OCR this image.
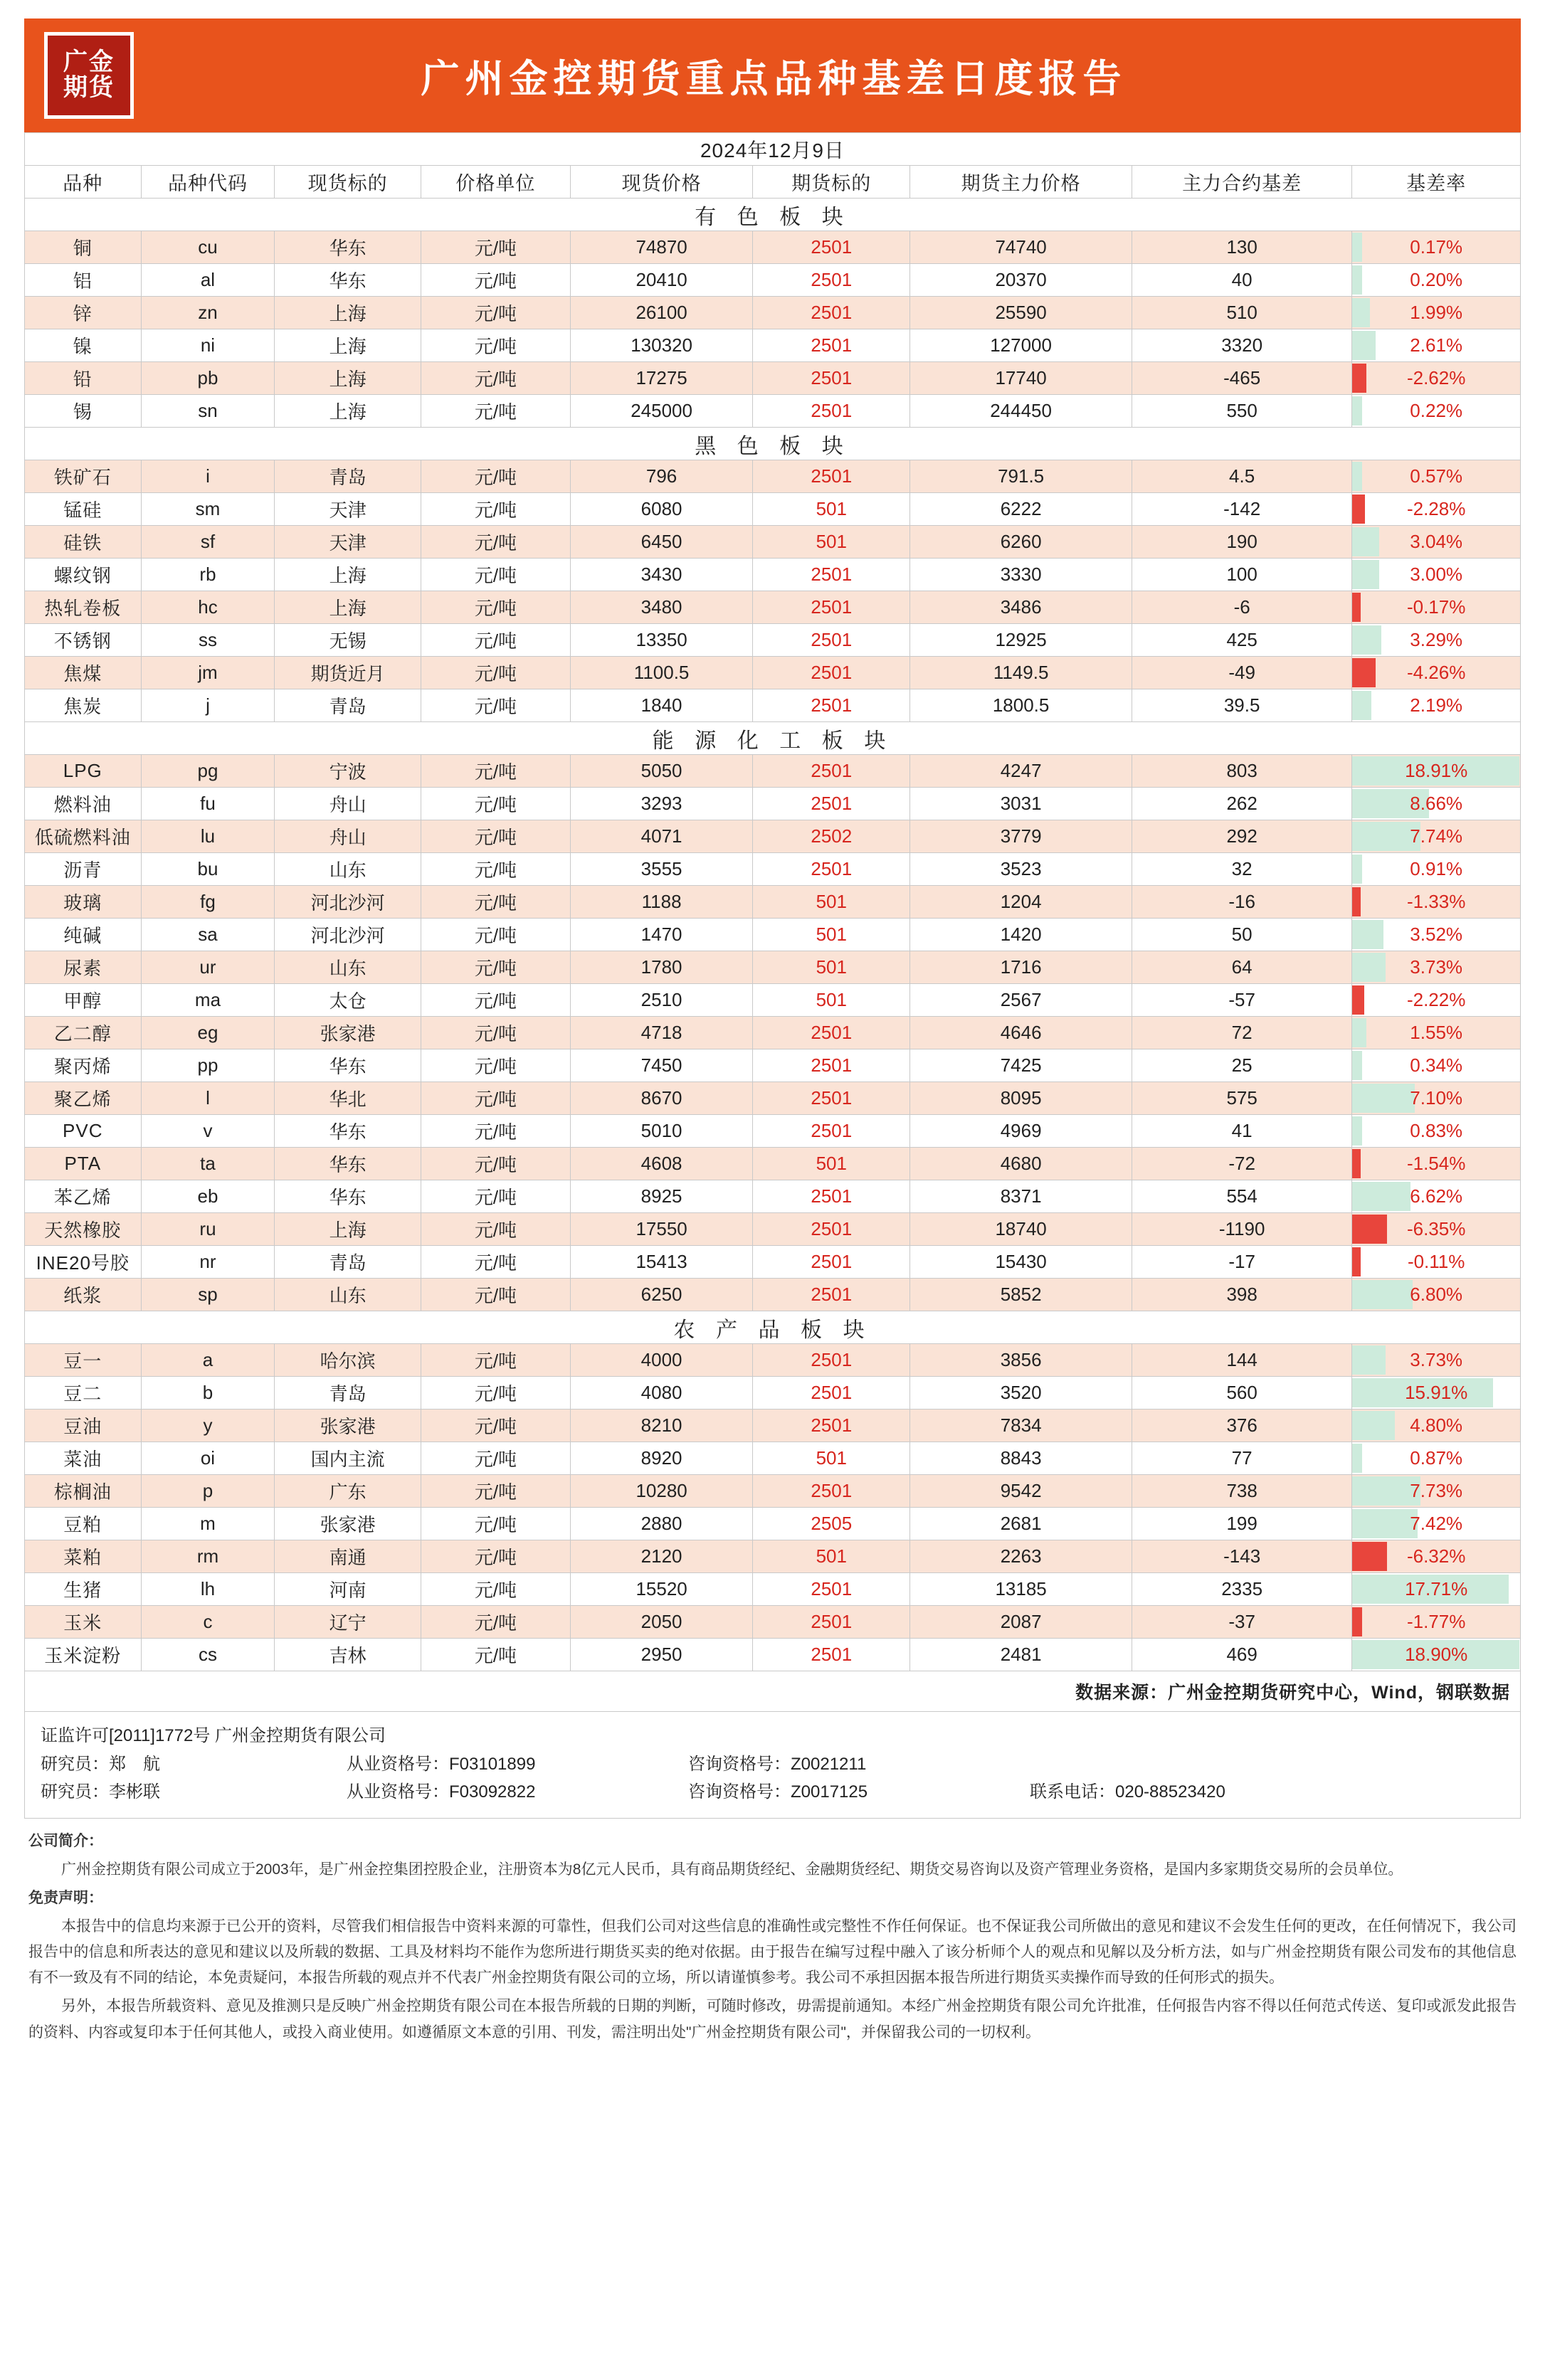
广金
期货	广州金控期货重点品种基差日度报告
2024年12月9日								
品种	品种代码	现货标的	价格单位	现货价格	期货标的	期货主力价格	主力合约基差	基差率
有 色 板 块								
铜	cu	华东	元/吨	74870	2501	74740	130	0.17%
铝	al	华东	元/吨	20410	2501	20370	40	0.20%
锌	zn	上海	元/吨	26100	2501	25590	510	1.99%
镍	ni	上海	元/吨	130320	2501	127000	3320	2.61%
铅	pb	上海	元/吨	17275	2501	17740	-465	-2.62%
锡	sn	上海	元/吨	245000	2501	244450	550	0.22%
黑 色 板 块								
铁矿石	i	青岛	元/吨	796	2501	791.5	4.5	0.57%
锰硅	sm	天津	元/吨	6080	501	6222	-142	-2.28%
硅铁	sf	天津	元/吨	6450	501	6260	190	3.04%
螺纹钢	rb	上海	元/吨	3430	2501	3330	100	3.00%
热轧卷板	hc	上海	元/吨	3480	2501	3486	-6	-0.17%
不锈钢	ss	无锡	元/吨	13350	2501	12925	425	3.29%
焦煤	jm	期货近月	元/吨	1100.5	2501	1149.5	-49	-4.26%
焦炭	j	青岛	元/吨	1840	2501	1800.5	39.5	2.19%
能 源 化 工 板 块								
LPG	pg	宁波	元/吨	5050	2501	4247	803	18.91%
燃料油	fu	舟山	元/吨	3293	2501	3031	262	8.66%
低硫燃料油	lu	舟山	元/吨	4071	2502	3779	292	7.74%
沥青	bu	山东	元/吨	3555	2501	3523	32	0.91%
玻璃	fg	河北沙河	元/吨	1188	501	1204	-16	-1.33%
纯碱	sa	河北沙河	元/吨	1470	501	1420	50	3.52%
尿素	ur	山东	元/吨	1780	501	1716	64	3.73%
甲醇	ma	太仓	元/吨	2510	501	2567	-57	-2.22%
乙二醇	eg	张家港	元/吨	4718	2501	4646	72	1.55%
聚丙烯	pp	华东	元/吨	7450	2501	7425	25	0.34%
聚乙烯	l	华北	元/吨	8670	2501	8095	575	7.10%
PVC	v	华东	元/吨	5010	2501	4969	41	0.83%
PTA	ta	华东	元/吨	4608	501	4680	-72	-1.54%
苯乙烯	eb	华东	元/吨	8925	2501	8371	554	6.62%
天然橡胶	ru	上海	元/吨	17550	2501	18740	-1190	-6.35%
INE20号胶	nr	青岛	元/吨	15413	2501	15430	-17	-0.11%
纸浆	sp	山东	元/吨	6250	2501	5852	398	6.80%
农 产 品 板 块								
豆一	a	哈尔滨	元/吨	4000	2501	3856	144	3.73%
豆二	b	青岛	元/吨	4080	2501	3520	560	15.91%
豆油	y	张家港	元/吨	8210	2501	7834	376	4.80%
菜油	oi	国内主流	元/吨	8920	501	8843	77	0.87%
棕榈油	p	广东	元/吨	10280	2501	9542	738	7.73%
豆粕	m	张家港	元/吨	2880	2505	2681	199	7.42%
菜粕	rm	南通	元/吨	2120	501	2263	-143	-6.32%
生猪	lh	河南	元/吨	15520	2501	13185	2335	17.71%
玉米	c	辽宁	元/吨	2050	2501	2087	-37	-1.77%
玉米淀粉	cs	吉林	元/吨	2950	2501	2481	469	18.90%
数据来源：广州金控期货研究中心，Wind，钢联数据
证监许可[2011]1772号 广州金控期货有限公司
研究员：郑　航	从业资格号：F03101899	咨询资格号：Z0021211
研究员：李彬联	从业资格号：F03092822	咨询资格号：Z0017125	联系电话：020-88523420

公司简介：

广州金控期货有限公司成立于2003年，是广州金控集团控股企业，注册资本为8亿元人民币，具有商品期货经纪、金融期货经纪、期货交易咨询以及资产管理业务资格，是国内多家期货交易所的会员单位。

免责声明：

本报告中的信息均来源于已公开的资料，尽管我们相信报告中资料来源的可靠性，但我们公司对这些信息的准确性或完整性不作任何保证。也不保证我公司所做出的意见和建议不会发生任何的更改，在任何情况下，我公司报告中的信息和所表达的意见和建议以及所载的数据、工具及材料均不能作为您所进行期货买卖的绝对依据。由于报告在编写过程中融入了该分析师个人的观点和见解以及分析方法，如与广州金控期货有限公司发布的其他信息有不一致及有不同的结论，本免责疑问，本报告所载的观点并不代表广州金控期货有限公司的立场，所以请谨慎参考。我公司不承担因据本报告所进行期货买卖操作而导致的任何形式的损失。

另外，本报告所载资料、意见及推测只是反映广州金控期货有限公司在本报告所载的日期的判断，可随时修改，毋需提前通知。本经广州金控期货有限公司允许批准，任何报告内容不得以任何范式传送、复印或派发此报告的资料、内容或复印本于任何其他人，或投入商业使用。如遵循原文本意的引用、刊发，需注明出处"广州金控期货有限公司"，并保留我公司的一切权利。
